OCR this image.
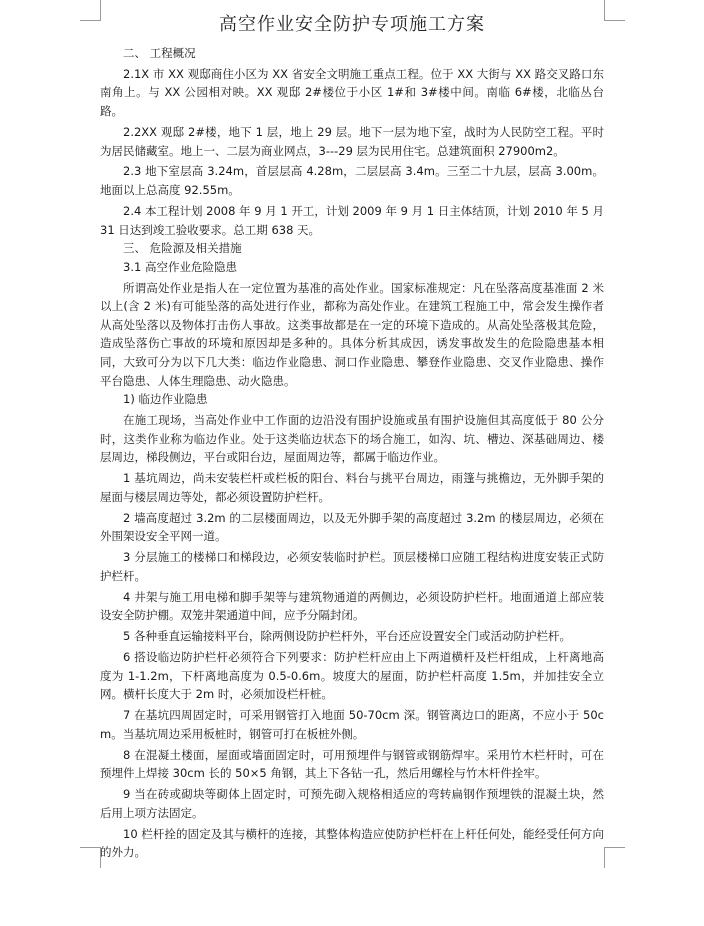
高空作业安全防护专项施工方案

二、 工程概况

2.1X 市 XX 观邸商住小区为 XX 省安全文明施工重点工程。位于 XX 大街与 XX 路交叉路口东南角上。与 XX 公园相对映。XX 观邸 2#楼位于小区 1#和 3#楼中间。南临 6#楼，北临丛台路。

2.2XX 观邸 2#楼，地下 1 层，地上 29 层。地下一层为地下室，战时为人民防空工程。平时为居民储藏室。地上一、二层为商业网点，3---29 层为民用住宅。总建筑面积 27900m2。

2.3 地下室层高 3.24m，首层层高 4.28m，二层层高 3.4m。三至二十九层，层高 3.00m。地面以上总高度 92.55m。

2.4 本工程计划 2008 年 9 月 1 开工，计划 2009 年 9 月 1 日主体结顶，计划 2010 年 5 月 31 日达到竣工验收要求。总工期 638 天。

三、 危险源及相关措施

3.1 高空作业危险隐患

所谓高处作业是指人在一定位置为基准的高处作业。国家标准规定：凡在坠落高度基准面 2 米以上(含 2 米)有可能坠落的高处进行作业，都称为高处作业。在建筑工程施工中，常会发生操作者从高处坠落以及物体打击伤人事故。这类事故都是在一定的环境下造成的。从高处坠落极其危险，造成坠落伤亡事故的环境和原因却是多种的。具体分析其成因，诱发事故发生的危险隐患基本相同，大致可分为以下几大类：临边作业隐患、洞口作业隐患、攀登作业隐患、交叉作业隐患、操作平台隐患、人体生理隐患、动火隐患。

1) 临边作业隐患

在施工现场，当高处作业中工作面的边沿没有围护设施或虽有围护设施但其高度低于 80 公分时，这类作业称为临边作业。处于这类临边状态下的场合施工，如沟、坑、槽边、深基础周边、楼层周边，梯段侧边，平台或阳台边，屋面周边等，都属于临边作业。

1 基坑周边，尚未安装栏杆或栏板的阳台、料台与挑平台周边，雨篷与挑檐边，无外脚手架的屋面与楼层周边等处，都必须设置防护栏杆。

2 墙高度超过 3.2m 的二层楼面周边，以及无外脚手架的高度超过 3.2m 的楼层周边，必须在外围架设安全平网一道。

3 分层施工的楼梯口和梯段边，必须安装临时护栏。顶层楼梯口应随工程结构进度安装正式防护栏杆。

4 井架与施工用电梯和脚手架等与建筑物通道的两侧边，必须设防护栏杆。地面通道上部应装设安全防护棚。双笼井架通道中间，应予分隔封闭。

5 各种垂直运输接料平台，除两侧设防护栏杆外，平台还应设置安全门或活动防护栏杆。

6 搭设临边防护栏杆必须符合下列要求：防护栏杆应由上下两道横杆及栏杆组成，上杆离地高度为 1-1.2m，下杆离地高度为 0.5-0.6m。坡度大的屋面，防护栏杆高度 1.5m，并加挂安全立网。横杆长度大于 2m 时，必须加设栏杆桩。

7 在基坑四周固定时，可采用钢管打入地面 50-70cm 深。钢管离边口的距离，不应小于 50cm。当基坑周边采用板桩时，钢管可打在板桩外侧。

8 在混凝土楼面，屋面或墙面固定时，可用预埋件与钢管或钢筋焊牢。采用竹木栏杆时，可在预埋件上焊接 30cm 长的 50×5 角钢，其上下各钻一孔，然后用螺栓与竹木杆件拴牢。

9 当在砖或砌块等砌体上固定时，可预先砌入规格相适应的弯转扁钢作预埋铁的混凝土块，然后用上项方法固定。

10 栏杆拴的固定及其与横杆的连接，其整体构造应使防护栏杆在上杆任何处，能经受任何方向的外力。
